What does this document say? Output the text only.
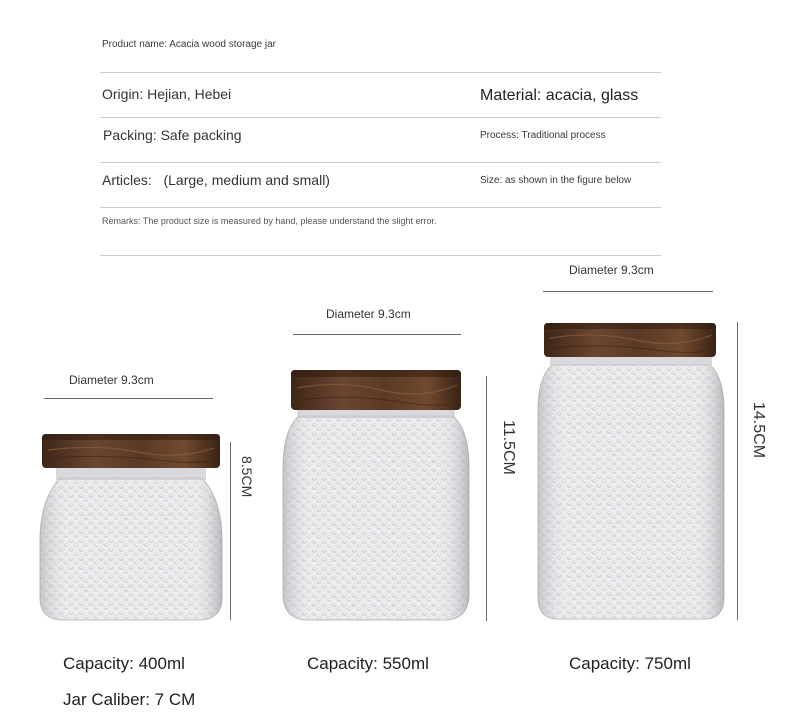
Product name: Acacia wood storage jar
Origin: Hejian, Hebei	Material: acacia, glass
Packing: Safe packing	Process: Traditional process
Articles:   (Large, medium and small)	Size: as shown in the figure below
Remarks: The product size is measured by hand, please understand the slight error.
Diameter 9.3cm
8.5CM
Capacity: 400ml
Jar Caliber: 7 CM
Diameter 9.3cm
11.5CM
Capacity: 550ml
Diameter 9.3cm
14.5CM
Capacity: 750ml
